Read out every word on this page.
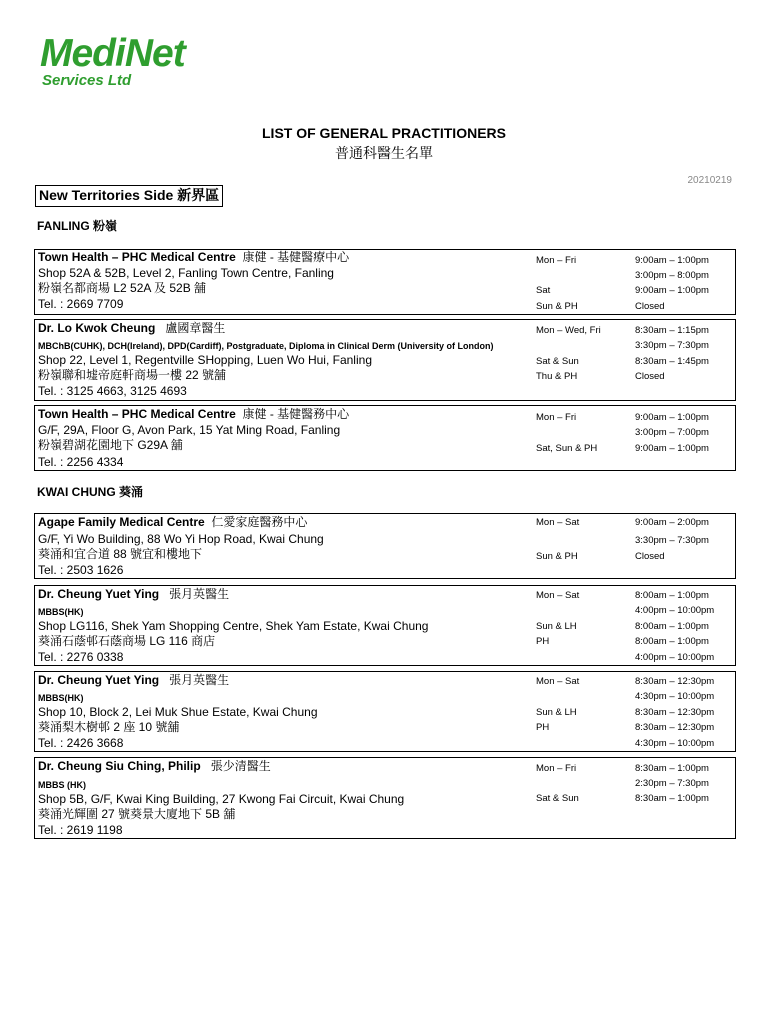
MediNet
Services Ltd
LIST OF GENERAL PRACTITIONERS
普通科醫生名單
20210219
New Territories Side 新界區
FANLING 粉嶺
KWAI CHUNG 葵涌
Town Health – PHC Medical Centre 康健 - 基健醫療中心
Shop 52A & 52B, Level 2, Fanling Town Centre, Fanling
粉嶺名都商場 L2 52A 及 52B 舖
Tel. : 2669 7709
Mon – Fri	9:00am – 1:00pm
3:00pm – 8:00pm
Sat	9:00am – 1:00pm
Sun & PH	Closed
Dr. Lo Kwok Cheung 盧國章醫生
MBChB(CUHK), DCH(Ireland), DPD(Cardiff), Postgraduate, Diploma in Clinical Derm (University of London)
Shop 22, Level 1, Regentville SHopping, Luen Wo Hui, Fanling
粉嶺聯和墟帝庭軒商場一樓 22 號舖
Tel. : 3125 4663, 3125 4693
Mon – Wed, Fri	8:30am – 1:15pm
3:30pm – 7:30pm
Sat & Sun	8:30am – 1:45pm
Thu & PH	Closed
Town Health – PHC Medical Centre 康健 - 基健醫務中心
G/F, 29A, Floor G, Avon Park, 15 Yat Ming Road, Fanling
粉嶺碧湖花園地下 G29A 舖
Tel. : 2256 4334
Mon – Fri	9:00am – 1:00pm
3:00pm – 7:00pm
Sat, Sun & PH	9:00am – 1:00pm
Agape Family Medical Centre 仁愛家庭醫務中心
G/F, Yi Wo Building, 88 Wo Yi Hop Road, Kwai Chung
葵涌和宜合道 88 號宜和樓地下
Tel. : 2503 1626
Mon – Sat	9:00am – 2:00pm
3:30pm – 7:30pm
Sun & PH	Closed
Dr. Cheung Yuet Ying 張月英醫生
MBBS(HK)
Shop LG116, Shek Yam Shopping Centre, Shek Yam Estate, Kwai Chung
葵涌石蔭邨石蔭商場 LG 116 商店
Tel. : 2276 0338
Mon – Sat	8:00am – 1:00pm
4:00pm – 10:00pm
Sun & LH	8:00am – 1:00pm
PH	8:00am – 1:00pm
4:00pm – 10:00pm
Dr. Cheung Yuet Ying 張月英醫生
MBBS(HK)
Shop 10, Block 2, Lei Muk Shue Estate, Kwai Chung
葵涌梨木樹邨 2 座 10 號舖
Tel. : 2426 3668
Mon – Sat	8:30am – 12:30pm
4:30pm – 10:00pm
Sun & LH	8:30am – 12:30pm
PH	8:30am – 12:30pm
4:30pm – 10:00pm
Dr. Cheung Siu Ching, Philip 張少清醫生
MBBS (HK)
Shop 5B, G/F, Kwai King Building, 27 Kwong Fai Circuit, Kwai Chung
葵涌光輝圍 27 號葵景大廈地下 5B 舖
Tel. : 2619 1198
Mon – Fri	8:30am – 1:00pm
2:30pm – 7:30pm
Sat & Sun	8:30am – 1:00pm
